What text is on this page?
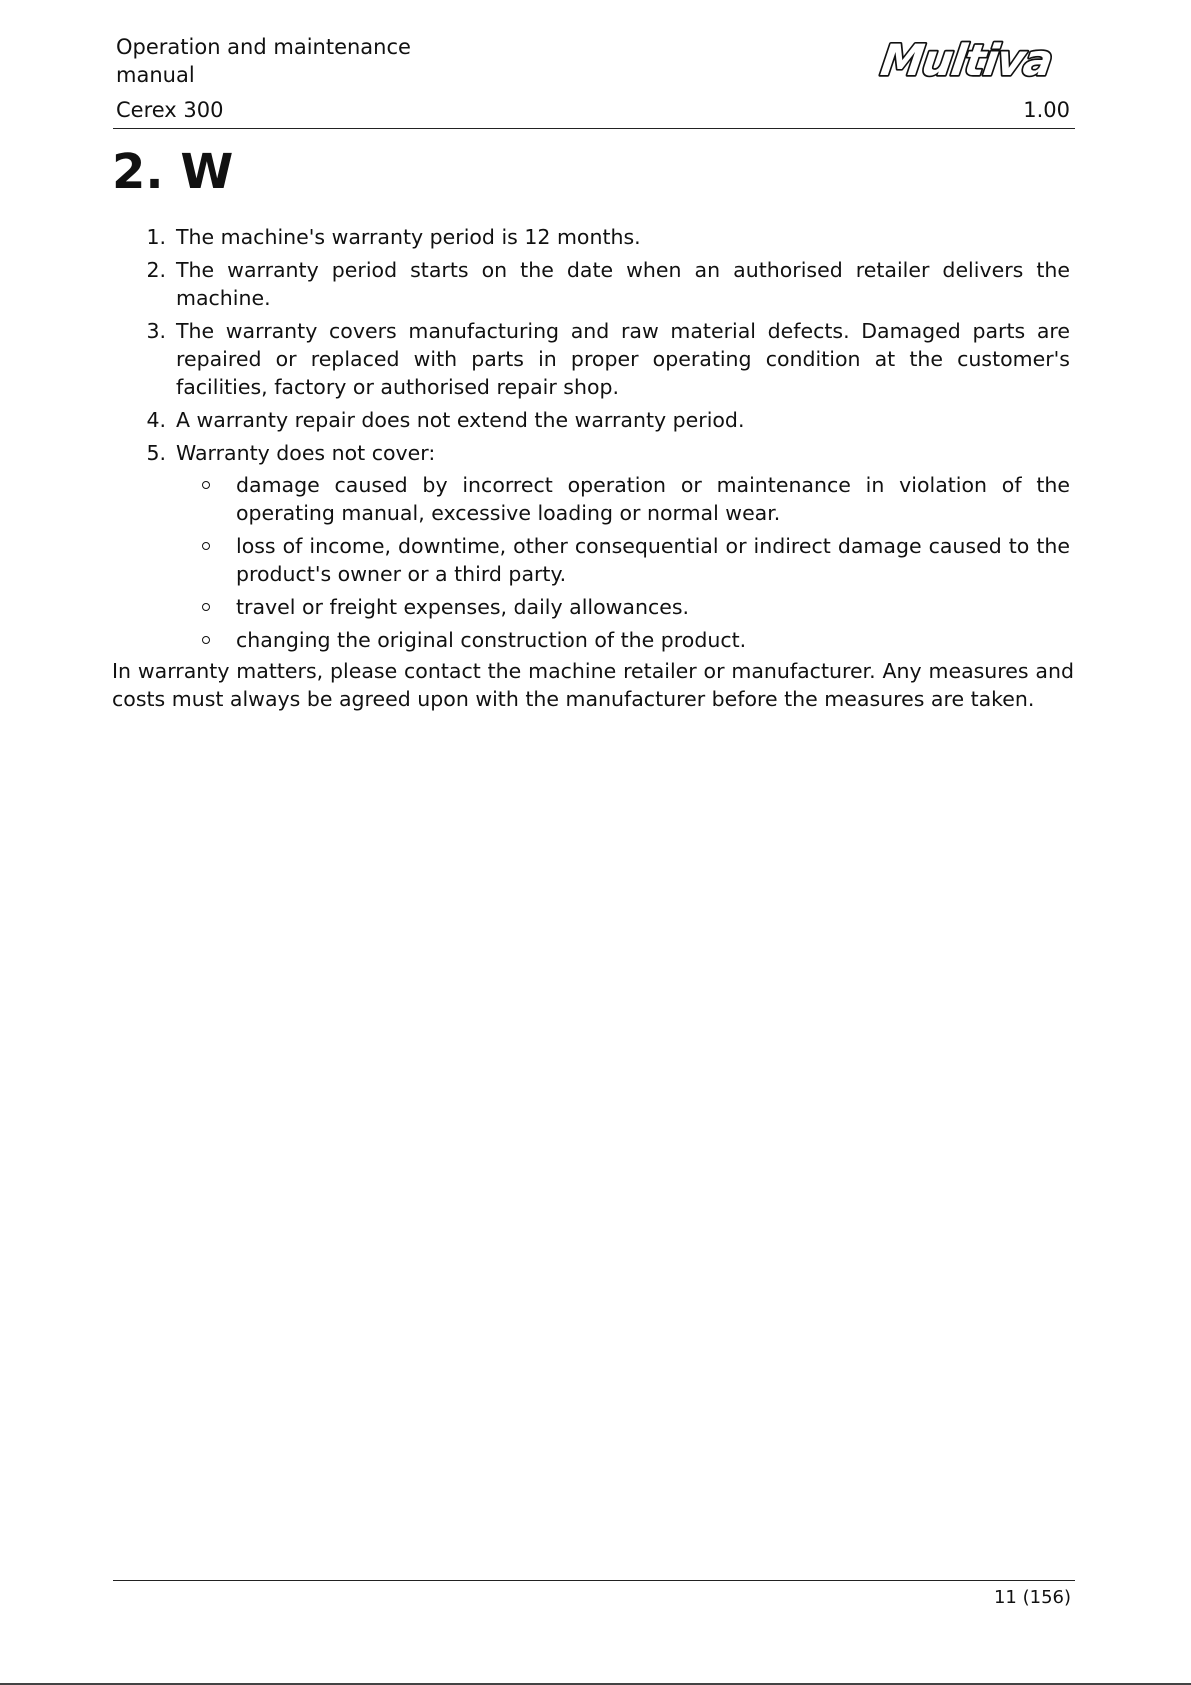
Operation and maintenance manual
Cerex 300	1.00
Multiva
2. W
1. The machine's warranty period is 12 months.
2. The warranty period starts on the date when an authorised retailer delivers the machine.
3. The warranty covers manufacturing and raw material defects. Damaged parts are repaired or replaced with parts in proper operating condition at the customer's facilities, factory or authorised repair shop.
4. A warranty repair does not extend the warranty period.
5. Warranty does not cover:
damage caused by incorrect operation or maintenance in violation of the operating manual, excessive loading or normal wear.
loss of income, downtime, other consequential or indirect damage caused to the product's owner or a third party.
travel or freight expenses, daily allowances.
changing the original construction of the product.

In warranty matters, please contact the machine retailer or manufacturer. Any measures and costs must always be agreed upon with the manufacturer before the measures are taken.

11 (156)
